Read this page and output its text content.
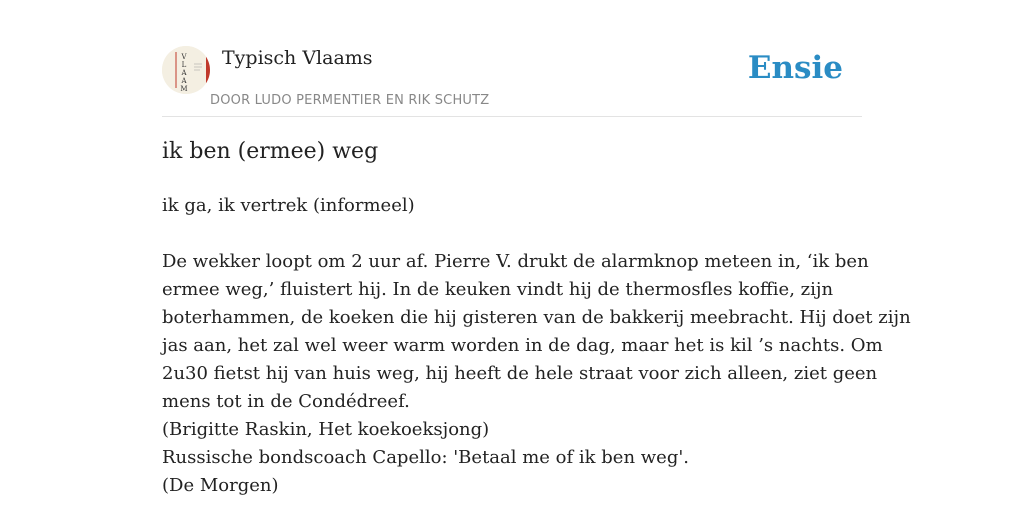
V
L
A
A
M
Typisch Vlaams
DOOR LUDO PERMENTIER EN RIK SCHUTZ
Ensie
ik ben (ermee) weg

ik ga, ik vertrek (informeel)

De wekker loopt om 2 uur af. Pierre V. drukt de alarmknop meteen in, ‘ik ben
ermee weg,’ fluistert hij. In de keuken vindt hij de thermosfles koffie, zijn
boterhammen, de koeken die hij gisteren van de bakkerij meebracht. Hij doet zijn
jas aan, het zal wel weer warm worden in de dag, maar het is kil ’s nachts. Om
2u30 fietst hij van huis weg, hij heeft de hele straat voor zich alleen, ziet geen
mens tot in de Condédreef.
(Brigitte Raskin, Het koekoeksjong)
Russische bondscoach Capello: 'Betaal me of ik ben weg'.
(De Morgen)
